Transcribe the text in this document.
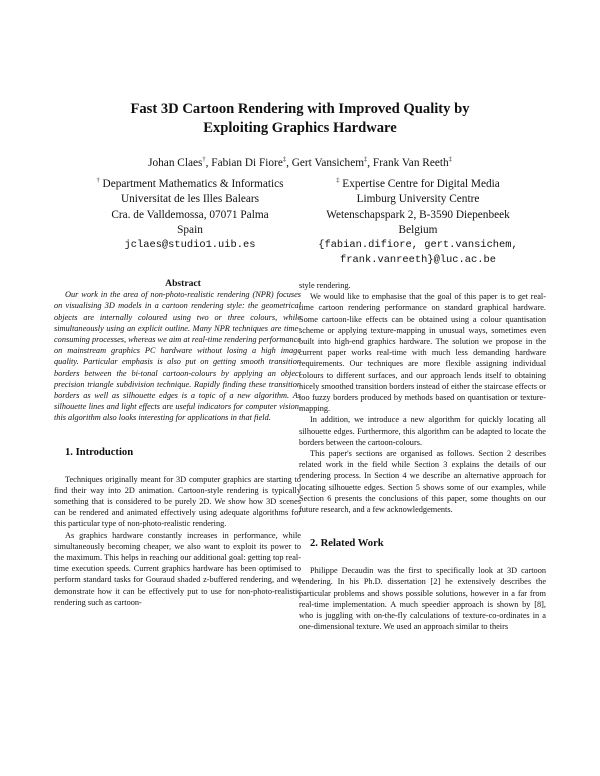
Fast 3D Cartoon Rendering with Improved Quality by
Exploiting Graphics Hardware
Johan Claes†, Fabian Di Fiore‡, Gert Vansichem‡, Frank Van Reeth‡
† Department Mathematics & Informatics
Universitat de les Illes Balears
Cra. de Valldemossa, 07071 Palma
Spain
jclaes@studio1.uib.es
‡ Expertise Centre for Digital Media
Limburg University Centre
Wetenschapspark 2, B-3590 Diepenbeek
Belgium
{fabian.difiore, gert.vansichem,
frank.vanreeth}@luc.ac.be

Abstract

Our work in the area of non-photo-realistic rendering (NPR) focuses on visualising 3D models in a cartoon rendering style: the geometrical objects are internally coloured using two or three colours, while simultaneously using an explicit outline. Many NPR techniques are time-consuming processes, whereas we aim at real-time rendering performance on mainstream graphics PC hardware without losing a high image quality. Particular emphasis is also put on getting smooth transition borders between the bi-tonal cartoon-colours by applying an object precision triangle subdivision technique. Rapidly finding these transition borders as well as silhouette edges is a topic of a new algorithm. As silhouette lines and light effects are useful indicators for computer vision, this algorithm also looks interesting for applications in that field.

1. Introduction

Techniques originally meant for 3D computer graphics are starting to find their way into 2D animation. Cartoon-style rendering is typically something that is considered to be purely 2D. We show how 3D scenes can be rendered and animated effectively using adequate algorithms for this particular type of non-photo-realistic rendering.

As graphics hardware constantly increases in performance, while simultaneously becoming cheaper, we also want to exploit its power to the maximum. This helps in reaching our additional goal: getting top real-time execution speeds. Current graphics hardware has been optimised to perform standard tasks for Gouraud shaded z-buffered rendering, and we demonstrate how it can be effectively put to use for non-photo-realistic rendering such as cartoon-

style rendering.

We would like to emphasise that the goal of this paper is to get real-time cartoon rendering performance on standard graphical hardware. Some cartoon-like effects can be obtained using a colour quantisation scheme or applying texture-mapping in unusual ways, sometimes even built into high-end graphics hardware. The solution we propose in the current paper works real-time with much less demanding hardware requirements. Our techniques are more flexible assigning individual colours to different surfaces, and our approach lends itself to obtaining nicely smoothed transition borders instead of either the staircase effects or too fuzzy borders produced by methods based on quantisation or texture-mapping.

In addition, we introduce a new algorithm for quickly locating all silhouette edges. Furthermore, this algorithm can be adapted to locate the borders between the cartoon-colours.

This paper's sections are organised as follows. Section 2 describes related work in the field while Section 3 explains the details of our rendering process. In Section 4 we describe an alternative approach for locating silhouette edges. Section 5 shows some of our examples, while Section 6 presents the conclusions of this paper, some thoughts on our future research, and a few acknowledgements.

2. Related Work

Philippe Decaudin was the first to specifically look at 3D cartoon rendering. In his Ph.D. dissertation [2] he extensively describes the particular problems and shows possible solutions, however in a far from real-time implementation. A much speedier approach is shown by [8], who is juggling with on-the-fly calculations of texture-co-ordinates in a one-dimensional texture. We used an approach similar to theirs
